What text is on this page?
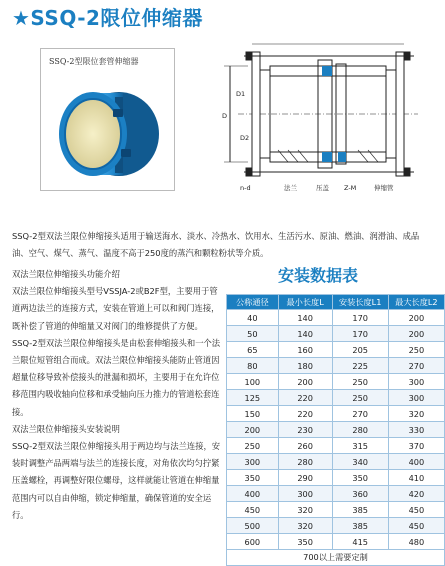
★SSQ-2限位伸缩器
SSQ-2型限位套管伸缩器
D
D1
D2
n-d	法兰	压盖 Z-M	伸缩管
SSQ-2型双法兰限位伸缩接头适用于输送海水、淡水、冷热水、饮用水、生活污水、原油、燃油、润滑油、成品油、空气、煤气、蒸气、温度不高于250度的蒸汽和颗粒粉状等介质。

双法兰限位伸缩接头功能介绍

双法兰限位伸缩接头型号VSSJA-2或B2F型，主要用于管道两边法兰的连接方式，安装在管道上可以和阀门连接，既补偿了管道的伸缩量又对阀门的维修提供了方便。

SSQ-2型双法兰限位伸缩接头是由松套伸缩接头和一个法兰限位短管组合而成。双法兰限位伸缩接头能防止管道因超量位移导致补偿接头的泄漏和损坏，主要用于在允许位移范围内吸收轴向位移和承受轴向压力推力的管道松套连接。

双法兰限位伸缩接头安装说明

SSQ-2型双法兰限位伸缩接头用于两边均与法兰连接，安装时调整产品两端与法兰的连接长度，对角依次均匀拧紧压盖螺栓，再调整好限位螺母，这样就能让管道在伸缩量范围内可以自由伸缩，锁定伸缩量，确保管道的安全运行。

安装数据表
公称通径	最小长度L	安装长度L1	最大长度L2
40	140	170	200
50	140	170	200
65	160	205	250
80	180	225	270
100	200	250	300
125	220	250	300
150	220	270	320
200	230	280	330
250	260	315	370
300	280	340	400
350	290	350	410
400	300	360	420
450	320	385	450
500	320	385	450
600	350	415	480
700以上需要定制			
